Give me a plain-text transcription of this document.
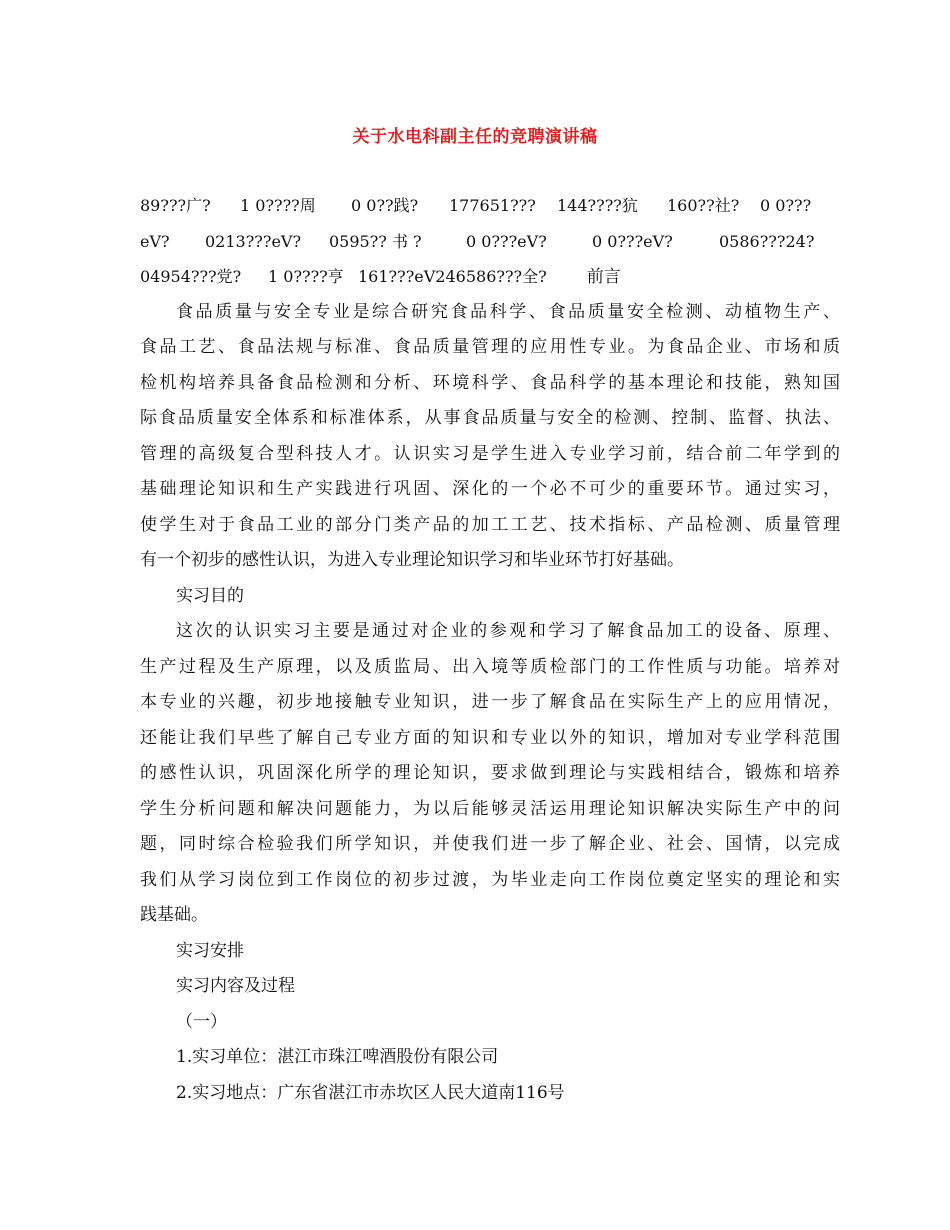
关于水电科副主任的竞聘演讲稿
89???广? 1 0????周 0 0??践? 177651??? 144????犺 160??社? 0 0???
eV? 0213???eV? 0595?? 书 ?	0 0???eV?	0 0???eV?	0586???24?
04954???党? 1 0????亨 161???eV246586???全? 前言
食品质量与安全专业是综合研究食品科学、食品质量安全检测、动植物生产、
食品工艺、食品法规与标准、食品质量管理的应用性专业。为食品企业、市场和质
检机构培养具备食品检测和分析、环境科学、食品科学的基本理论和技能，熟知国
际食品质量安全体系和标准体系，从事食品质量与安全的检测、控制、监督、执法、
管理的高级复合型科技人才。认识实习是学生进入专业学习前，结合前二年学到的
基础理论知识和生产实践进行巩固、深化的一个必不可少的重要环节。通过实习，
使学生对于食品工业的部分门类产品的加工工艺、技术指标、产品检测、质量管理
有一个初步的感性认识，为进入专业理论知识学习和毕业环节打好基础。
实习目的
这次的认识实习主要是通过对企业的参观和学习了解食品加工的设备、原理、
生产过程及生产原理，以及质监局、出入境等质检部门的工作性质与功能。培养对
本专业的兴趣，初步地接触专业知识，进一步了解食品在实际生产上的应用情况，
还能让我们早些了解自己专业方面的知识和专业以外的知识，增加对专业学科范围
的感性认识，巩固深化所学的理论知识，要求做到理论与实践相结合，锻炼和培养
学生分析问题和解决问题能力，为以后能够灵活运用理论知识解决实际生产中的问
题，同时综合检验我们所学知识，并使我们进一步了解企业、社会、国情，以完成
我们从学习岗位到工作岗位的初步过渡，为毕业走向工作岗位奠定坚实的理论和实
践基础。
实习安排
实习内容及过程
（一）
1.实习单位：湛江市珠江啤酒股份有限公司
2.实习地点：广东省湛江市赤坎区人民大道南116号
